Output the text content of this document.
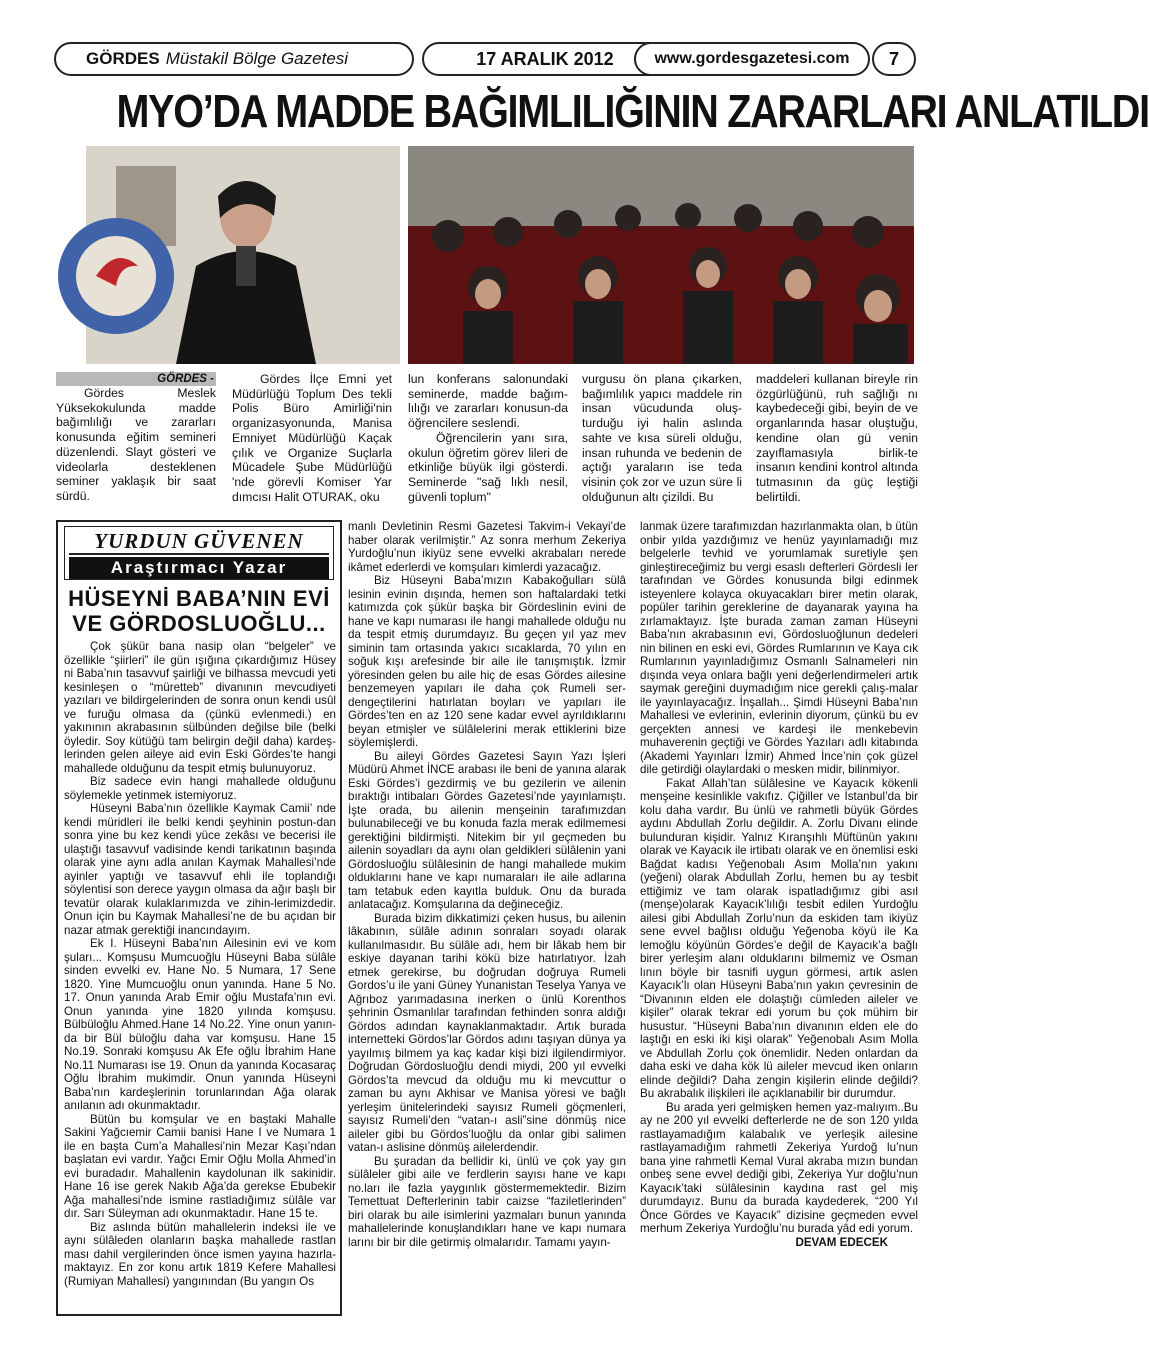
GÖRDES Müstakil Bölge Gazetesi	17 ARALIK 2012	www.gordesgazetesi.com	7
MYO’DA MADDE BAĞIMLILIĞININ ZARARLARI ANLATILDI
GÖRDES -

Gördes Meslek Yüksekokulunda madde bağımlılığı ve zararları konusunda eğitim semineri düzenlendi. Slayt gösteri ve videolarla desteklenen seminer yaklaşık bir saat sürdü.

Gördes İlçe Emni yet Müdürlüğü Toplum Des tekli Polis Büro Amirliği'nin organizasyonunda, Manisa Emniyet Müdürlüğü Kaçak çılık ve Organize Suçlarla Mücadele Şube Müdürlüğü 'nde görevli Komiser Yar dımcısı Halit OTURAK, oku

lun konferans salonundaki seminerde, madde bağım-lılığı ve zararları konusun-da öğrencilere seslendi.

Öğrencilerin yanı sıra, okulun öğretim görev lileri de etkinliğe büyük ilgi gösterdi. Seminerde "sağ lıklı nesil, güvenli toplum"

vurgusu ön plana çıkarken, bağımlılık yapıcı maddele rin insan vücudunda oluş-turduğu iyi halin aslında sahte ve kısa süreli olduğu, insan ruhunda ve bedenin de açtığı yaraların ise teda visinin çok zor ve uzun süre li olduğunun altı çizildi. Bu

maddeleri kullanan bireyle rin özgürlüğünü, ruh sağlığı nı kaybedeceği gibi, beyin de ve organlarında hasar oluştuğu, kendine olan gü venin zayıflamasıyla birlik-te insanın kendini kontrol altında tutmasının da güç leştiği belirtildi.

YURDUN GÜVENEN
Araştırmacı Yazar
HÜSEYNİ BABA’NIN EVİ VE GÖRDOSLUOĞLU...

Çok şükür bana nasip olan “belgeler” ve özellikle “şiirleri” ile gün ışığına çıkardığımız Hüsey ni Baba’nın tasavvuf şairliği ve bilhassa mevcudi yeti kesinleşen o “müretteb” divanının mevcudiyeti yazıları ve bildirgelerinden de sonra onun kendi usûl ve furuğu olmasa da (çünkü evlenmedi.) en yakınının akrabasının sülbünden değilse bile (belki öyledir. Soy kütüğü tam belirgin değil daha) kardeş-lerinden gelen aileye aid evin Eski Gördes’te hangi mahallede olduğunu da tespit etmiş bulunuyoruz.

Biz sadece evin hangi mahallede olduğunu söylemekle yetinmek istemiyoruz.

Hüseyni Baba’nın özellikle Kaymak Camii’ nde kendi müridleri ile belki kendi şeyhinin postun-dan sonra yine bu kez kendi yüce zekâsı ve becerisi ile ulaştığı tasavvuf vadisinde kendi tarikatının başında olarak yine aynı adla anılan Kaymak Mahallesi’nde ayinler yaptığı ve tasavvuf ehli ile toplandığı söylentisi son derece yaygın olmasa da ağır başlı bir tevatür olarak kulaklarımızda ve zihin-lerimizdedir. Onun için bu Kaymak Mahallesi’ne de bu açıdan bir nazar atmak gerektiği inancındayım.

Ek I. Hüseyni Baba’nın Ailesinin evi ve kom şuları... Komşusu Mumcuoğlu Hüseyni Baba sülâle sinden evvelki ev. Hane No. 5 Numara, 17 Sene 1820. Yine Mumcuoğlu onun yanında. Hane 5 No. 17. Onun yanında Arab Emir oğlu Mustafa’nın evi. Onun yanında yine 1820 yılında komşusu. Bülbüloğlu Ahmed.Hane 14 No.22. Yine onun yanın-da bir Bül büloğlu daha var komşusu. Hane 15 No.19. Sonraki komşusu Ak Efe oğlu İbrahim Hane No.11 Numarası ise 19. Onun da yanında Kocasaraç Oğlu İbrahim mukimdir. Onun yanında Hüseyni Baba’nın kardeşlerinin torunlarından Ağa olarak anılanın adı okunmaktadır.

Bütün bu komşular ve en baştaki Mahalle Sakini Yağcıemir Camii banisi Hane I ve Numara 1 ile en başta Cum’a Mahallesi’nin Mezar Kaşı’ndan başlatan evi vardır. Yağcı Emir Oğlu Molla Ahmed’in evi buradadır. Mahallenin kaydolunan ilk sakinidir. Hane 16 ise gerek Nakıb Ağa’da gerekse Ebubekir Ağa mahallesi’nde ismine rastladığımız sülâle var dır. Sarı Süleyman adı okunmaktadır. Hane 15 te.

Biz aslında bütün mahallelerin indeksi ile ve aynı sülâleden olanların başka mahallede rastlan ması dahil vergilerinden önce ismen yayına hazırla-maktayız. En zor konu artık 1819 Kefere Mahallesi (Rumiyan Mahallesi) yangınından (Bu yangın Os

manlı Devletinin Resmi Gazetesi Takvim-i Vekayi’de haber olarak verilmiştir.” Az sonra merhum Zekeriya Yurdoğlu’nun ikiyüz sene evvelki akrabaları nerede ikâmet ederlerdi ve komşuları kimlerdi yazacağız.

Biz Hüseyni Baba’mızın Kabakoğulları sülâ lesinin evinin dışında, hemen son haftalardaki tetki katımızda çok şükür başka bir Gördeslinin evini de hane ve kapı numarası ile hangi mahallede olduğu nu da tespit etmiş durumdayız. Bu geçen yıl yaz mev siminin tam ortasında yakıcı sıcaklarda, 70 yılın en soğuk kışı arefesinde bir aile ile tanışmıştık. İzmir yöresinden gelen bu aile hiç de esas Gördes ailesine benzemeyen yapıları ile daha çok Rumeli ser-dengeçtilerini hatırlatan boyları ve yapıları ile Gördes’ten en az 120 sene kadar evvel ayrıldıklarını beyan etmişler ve sülâlelerini merak ettiklerini bize söylemişlerdi.

Bu aileyi Gördes Gazetesi Sayın Yazı İşleri Müdürü Ahmet İNCE arabası ile beni de yanına alarak Eski Gördes’i gezdirmiş ve bu gezilerin ve ailenin bıraktığı intibaları Gördes Gazetesi’nde yayınlamıştı. İşte orada, bu ailenin menşeinin tarafımızdan bulunabileceği ve bu konuda fazla merak edilmemesi gerektiğini bildirmişti. Nitekim bir yıl geçmeden bu ailenin soyadları da aynı olan geldikleri sülâlenin yani Gördosluoğlu sülâlesinin de hangi mahallede mukim olduklarını hane ve kapı numaraları ile aile adlarına tam tetabuk eden kayıtla bulduk. Onu da burada anlatacağız. Komşularına da değineceğiz.

Burada bizim dikkatimizi çeken husus, bu ailenin lâkabının, sülâle adının sonraları soyadı olarak kullanılmasıdır. Bu sülâle adı, hem bir lâkab hem bir eskiye dayanan tarihi kökü bize hatırlatıyor. İzah etmek gerekirse, bu doğrudan doğruya Rumeli Gordos’u ile yani Güney Yunanistan Teselya Yanya ve Ağrıboz yarımadasına inerken o ünlü Korenthos şehrinin Osmanlılar tarafından fethinden sonra aldığı Gördos adından kaynaklanmaktadır. Artık burada internetteki Gördos’lar Gördos adını taşıyan dünya ya yayılmış bilmem ya kaç kadar kişi bizi ilgilendirmiyor. Doğrudan Gördosluoğlu dendi miydi, 200 yıl evvelki Gördos’ta mevcud da olduğu mu ki mevcuttur o zaman bu aynı Akhisar ve Manisa yöresi ve bağlı yerleşim ünitelerindeki sayısız Rumeli göçmenleri, sayısız Rumeli’den “vatan-ı asli”sine dönmüş nice aileler gibi bu Gördos’luoğlu da onlar gibi salimen vatan-ı aslisine dönmüş ailelerdendir.

Bu şuradan da bellidir ki, ünlü ve çok yay gın sülâleler gibi aile ve ferdlerin sayısı hane ve kapı no.ları ile fazla yaygınlık göstermemektedir. Bizim Temettuat Defterlerinin tabir caizse “faziletlerinden” biri olarak bu aile isimlerini yazmaları bunun yanında mahallelerinde konuşlandıkları hane ve kapı numara larını bir bir dile getirmiş olmalarıdır. Tamamı yayın-

lanmak üzere tarafımızdan hazırlanmakta olan, b ütün onbir yılda yazdığımız ve henüz yayınlamadığı mız belgelerle tevhid ve yorumlamak suretiyle şen ginleştireceğimiz bu vergi esaslı defterleri Gördesli ler tarafından ve Gördes konusunda bilgi edinmek isteyenlere kolayca okuyacakları birer metin olarak, popüler tarihin gereklerine de dayanarak yayına ha zırlamaktayız. İşte burada zaman zaman Hüseyni Baba’nın akrabasının evi, Gördosluoğlunun dedeleri nin bilinen en eski evi, Gördes Rumlarının ve Kaya cık Rumlarının yayınladığımız Osmanlı Salnameleri nin dışında veya onlara bağlı yeni değerlendirmeleri artık saymak gereğini duymadığım nice gerekli çalış-malar ile yayınlayacağız. İnşallah... Şimdi Hüseyni Baba’nın Mahallesi ve evlerinin, evlerinin diyorum, çünkü bu ev gerçekten annesi ve kardeşi ile menkebevin muhaverenin geçtiği ve Gördes Yazıları adlı kitabında (Akademi Yayınları İzmir) Ahmed İnce’nin çok güzel dile getirdiği olaylardaki o mesken midir, bilinmiyor.

Fakat Allah’tan sülâlesine ve Kayacık kökenli menşeine kesinlikle vakıfız. Çiğiller ve İstanbul’da bir kolu daha vardır. Bu ünlü ve rahmetli büyük Gördes aydını Abdullah Zorlu değildir. A. Zorlu Divanı elinde bulunduran kişidir. Yalnız Kıranşıhlı Müftünün yakını olarak ve Kayacık ile irtibatı olarak ve en önemlisi eski Bağdat kadısı Yeğenobalı Asım Molla’nın yakını (yeğeni) olarak Abdullah Zorlu, hemen bu ay tesbit ettiğimiz ve tam olarak ispatladığımız gibi asıl (menşe)olarak Kayacık’lılığı tesbit edilen Yurdoğlu ailesi gibi Abdullah Zorlu’nun da eskiden tam ikiyüz sene evvel bağlısı olduğu Yeğenoba köyü ile Ka lemoğlu köyünün Gördes’e değil de Kayacık’a bağlı birer yerleşim alanı olduklarını bilmemiz ve Osman lının böyle bir tasnifi uygun görmesi, artık aslen Kayacık’lı olan Hüseyni Baba’nın yakın çevresinin de “Divanının elden ele dolaştığı cümleden aileler ve kişiler” olarak tekrar edi yorum bu çok mühim bir husustur. “Hüseyni Baba’nın divanının elden ele do laştığı en eski iki kişi olarak” Yeğenobalı Asım Molla ve Abdullah Zorlu çok önemlidir. Neden onlardan da daha eski ve daha kök lü aileler mevcud iken onların elinde değildi? Daha zengin kişilerin elinde değildi? Bu akrabalık ilişkileri ile açıklanabilir bir durumdur.

Bu arada yeri gelmişken hemen yaz-malıyım..Bu ay ne 200 yıl evvelki defterlerde ne de son 120 yılda rastlayamadığım kalabalık ve yerleşik ailesine rastlayamadığım rahmetli Zekeriya Yurdoğ lu’nun bana yine rahmetli Kemal Vural akraba mızın bundan onbeş sene evvel dediği gibi, Zekeriya Yur doğlu’nun Kayacık’taki sülâlesinin kaydına rast gel miş durumdayız. Bunu da burada kaydederek, “200 Yıl Önce Gördes ve Kayacık” dizisine geçmeden evvel merhum Zekeriya Yurdoğlu’nu burada yâd edi yorum.

DEVAM EDECEK
